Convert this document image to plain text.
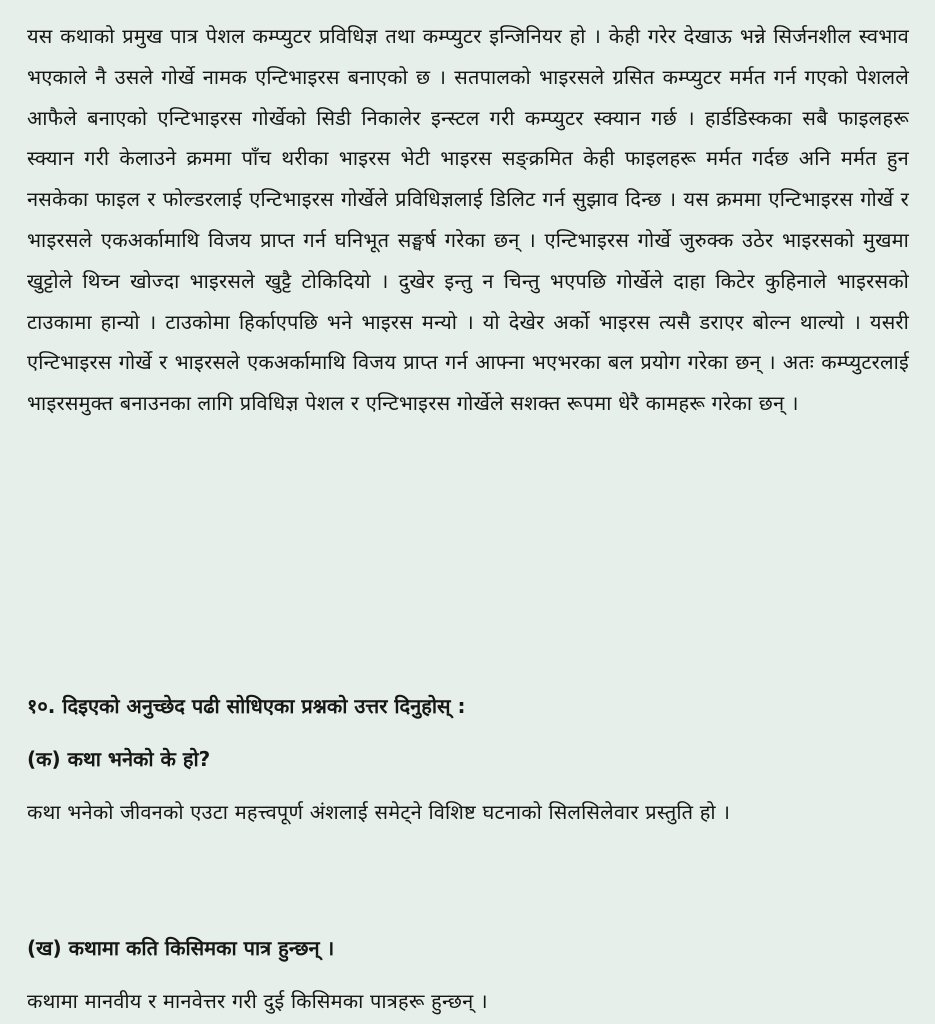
यस कथाको प्रमुख पात्र पेशल कम्प्युटर प्रविधिज्ञ तथा कम्प्युटर इन्जिनियर हो । केही गरेर देखाऊ भन्ने सिर्जनशील स्वभाव भएकाले नै उसले गोर्खे नामक एन्टिभाइरस बनाएको छ । सतपालको भाइरसले ग्रसित कम्प्युटर मर्मत गर्न गएको पेशलले आफैले बनाएको एन्टिभाइरस गोर्खेको सिडी निकालेर इन्स्टल गरी कम्प्युटर स्क्यान गर्छ । हार्डडिस्कका सबै फाइलहरू स्क्यान गरी केलाउने क्रममा पाँच थरीका भाइरस भेटी भाइरस सङ्क्रमित केही फाइलहरू मर्मत गर्दछ अनि मर्मत हुन नसकेका फाइल र फोल्डरलाई एन्टिभाइरस गोर्खेले प्रविधिज्ञलाई डिलिट गर्न सुझाव दिन्छ । यस क्रममा एन्टिभाइरस गोर्खे र भाइरसले एकअर्कामाथि विजय प्राप्त गर्न घनिभूत सङ्घर्ष गरेका छन् । एन्टिभाइरस गोर्खे जुरुक्क उठेर भाइरसको मुखमा खुट्टोले थिच्न खोज्दा भाइरसले खुट्टै टोकिदियो । दुखेर इन्तु न चिन्तु भएपछि गोर्खेले दाहा किटेर कुहिनाले भाइरसको टाउकामा हान्यो । टाउकोमा हिर्काएपछि भने भाइरस मन्यो । यो देखेर अर्को भाइरस त्यसै डराएर बोल्न थाल्यो । यसरी एन्टिभाइरस गोर्खे र भाइरसले एकअर्कामाथि विजय प्राप्त गर्न आफ्ना भएभरका बल प्रयोग गरेका छन् । अतः कम्प्युटरलाई भाइरसमुक्त बनाउनका लागि प्रविधिज्ञ पेशल र एन्टिभाइरस गोर्खेले सशक्त रूपमा धेरै कामहरू गरेका छन् ।

१०. दिइएको अनुच्छेद पढी सोधिएका प्रश्नको उत्तर दिनुहोस् :

(क) कथा भनेको के हो?

कथा भनेको जीवनको एउटा महत्त्वपूर्ण अंशलाई समेट्ने विशिष्ट घटनाको सिलसिलेवार प्रस्तुति हो ।

(ख) कथामा कति किसिमका पात्र हुन्छन् ।

कथामा मानवीय र मानवेत्तर गरी दुई किसिमका पात्रहरू हुन्छन् ।
